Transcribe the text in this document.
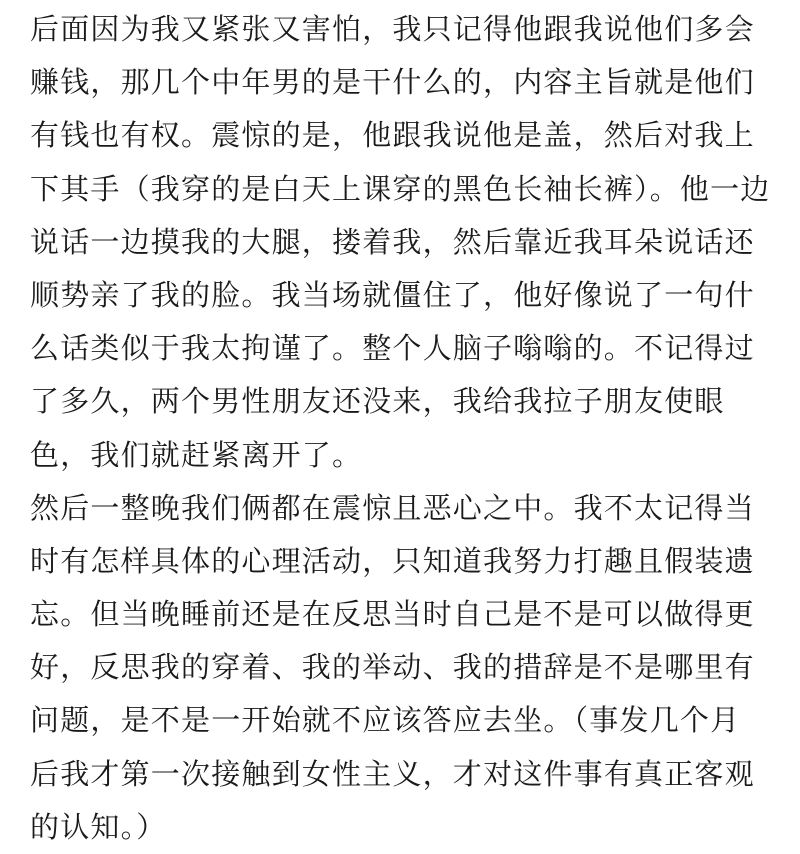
后面因为我又紧张又害怕，我只记得他跟我说他们多会
赚钱，那几个中年男的是干什么的，内容主旨就是他们
有钱也有权。震惊的是，他跟我说他是盖，然后对我上
下其手（我穿的是白天上课穿的黑色长袖长裤）。他一边
说话一边摸我的大腿，搂着我，然后靠近我耳朵说话还
顺势亲了我的脸。我当场就僵住了，他好像说了一句什
么话类似于我太拘谨了。整个人脑子嗡嗡的。不记得过
了多久，两个男性朋友还没来，我给我拉子朋友使眼
色，我们就赶紧离开了。
然后一整晚我们俩都在震惊且恶心之中。我不太记得当
时有怎样具体的心理活动，只知道我努力打趣且假装遗
忘。但当晚睡前还是在反思当时自己是不是可以做得更
好，反思我的穿着、我的举动、我的措辞是不是哪里有
问题，是不是一开始就不应该答应去坐。（事发几个月
后我才第一次接触到女性主义，才对这件事有真正客观
的认知。）
